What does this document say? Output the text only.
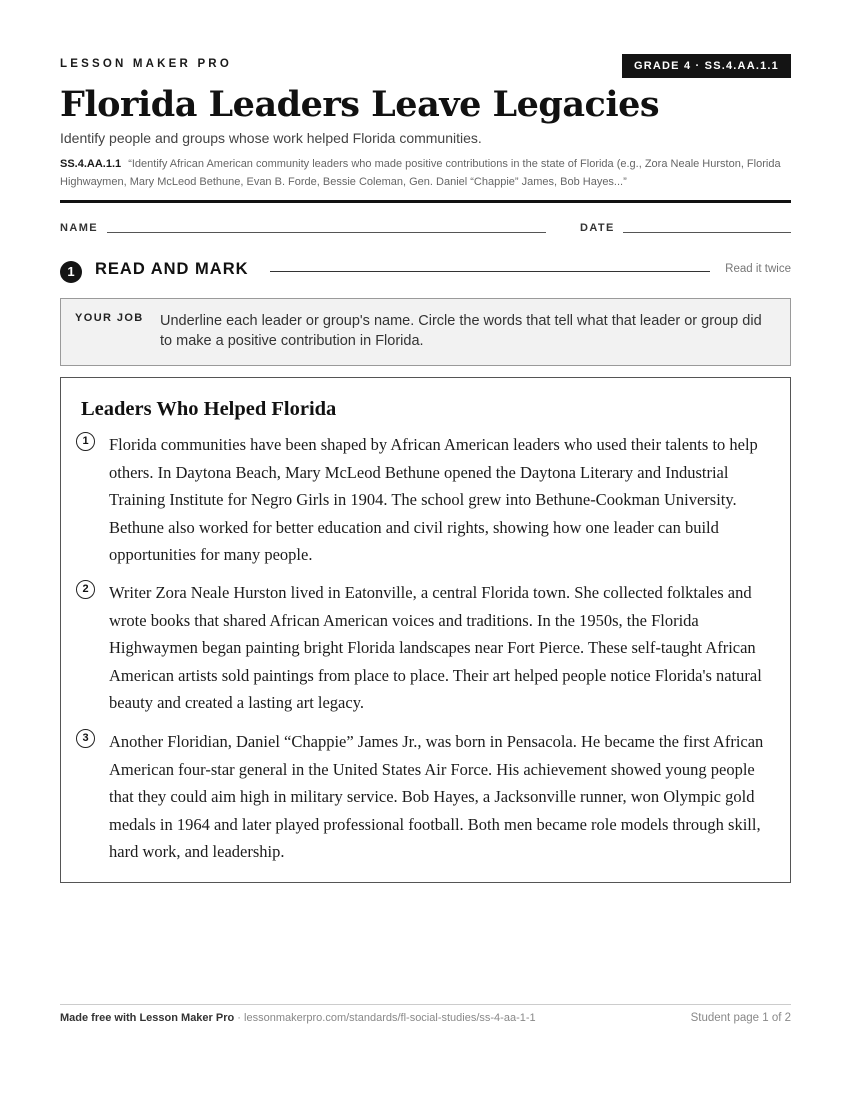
LESSON MAKER PRO	GRADE 4 · SS.4.AA.1.1
Florida Leaders Leave Legacies
Identify people and groups whose work helped Florida communities.
SS.4.AA.1.1 “Identify African American community leaders who made positive contributions in the state of Florida (e.g., Zora Neale Hurston, Florida Highwaymen, Mary McLeod Bethune, Evan B. Forde, Bessie Coleman, Gen. Daniel “Chappie” James, Bob Hayes...”
NAME	DATE
1	READ AND MARK	Read it twice
YOUR JOB Underline each leader or group's name. Circle the words that tell what that leader or group did to make a positive contribution in Florida.
Leaders Who Helped Florida
1	Florida communities have been shaped by African American leaders who used their talents to help others. In Daytona Beach, Mary McLeod Bethune opened the Daytona Literary and Industrial Training Institute for Negro Girls in 1904. The school grew into Bethune-Cookman University. Bethune also worked for better education and civil rights, showing how one leader can build opportunities for many people.

2	Writer Zora Neale Hurston lived in Eatonville, a central Florida town. She collected folktales and wrote books that shared African American voices and traditions. In the 1950s, the Florida Highwaymen began painting bright Florida landscapes near Fort Pierce. These self-taught African American artists sold paintings from place to place. Their art helped people notice Florida's natural beauty and created a lasting art legacy.

3	Another Floridian, Daniel “Chappie” James Jr., was born in Pensacola. He became the first African American four-star general in the United States Air Force. His achievement showed young people that they could aim high in military service. Bob Hayes, a Jacksonville runner, won Olympic gold medals in 1964 and later played professional football. Both men became role models through skill, hard work, and leadership.

Made free with Lesson Maker Pro · lessonmakerpro.com/standards/fl-social-studies/ss-4-aa-1-1	Student page 1 of 2
